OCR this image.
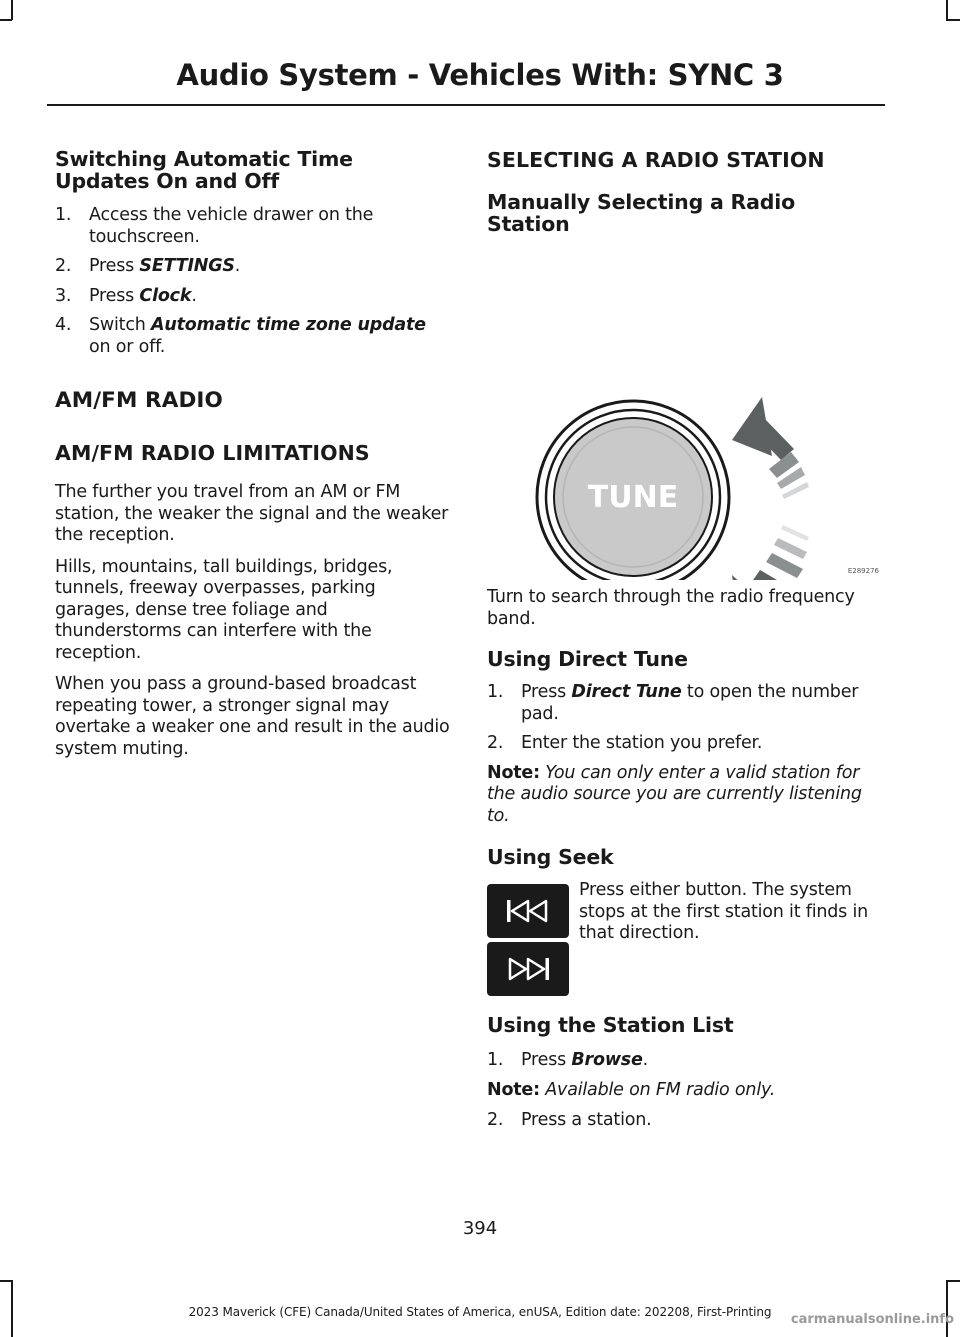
Audio System - Vehicles With: SYNC 3
Switching Automatic Time Updates On and Off
1. Access the vehicle drawer on the touchscreen.
2. Press SETTINGS.
3. Press Clock.
4. Switch Automatic time zone update on or off.
AM/FM RADIO
AM/FM RADIO LIMITATIONS

The further you travel from an AM or FM station, the weaker the signal and the weaker the reception.

Hills, mountains, tall buildings, bridges, tunnels, freeway overpasses, parking garages, dense tree foliage and thunderstorms can interfere with the reception.

When you pass a ground-based broadcast repeating tower, a stronger signal may overtake a weaker one and result in the audio system muting.

SELECTING A RADIO STATION
Manually Selecting a Radio Station
TUNE
E289276

Turn to search through the radio frequency band.

Using Direct Tune
1. Press Direct Tune to open the number pad.
2. Enter the station you prefer.

Note: You can only enter a valid station for the audio source you are currently listening to.

Using Seek

Press either button. The system stops at the first station it finds in that direction.

Using the Station List
1. Press Browse.

Note: Available on FM radio only.

2. Press a station.
394
2023 Maverick (CFE) Canada/United States of America, enUSA, Edition date: 202208, First-Printing	carmanualsonline.info
